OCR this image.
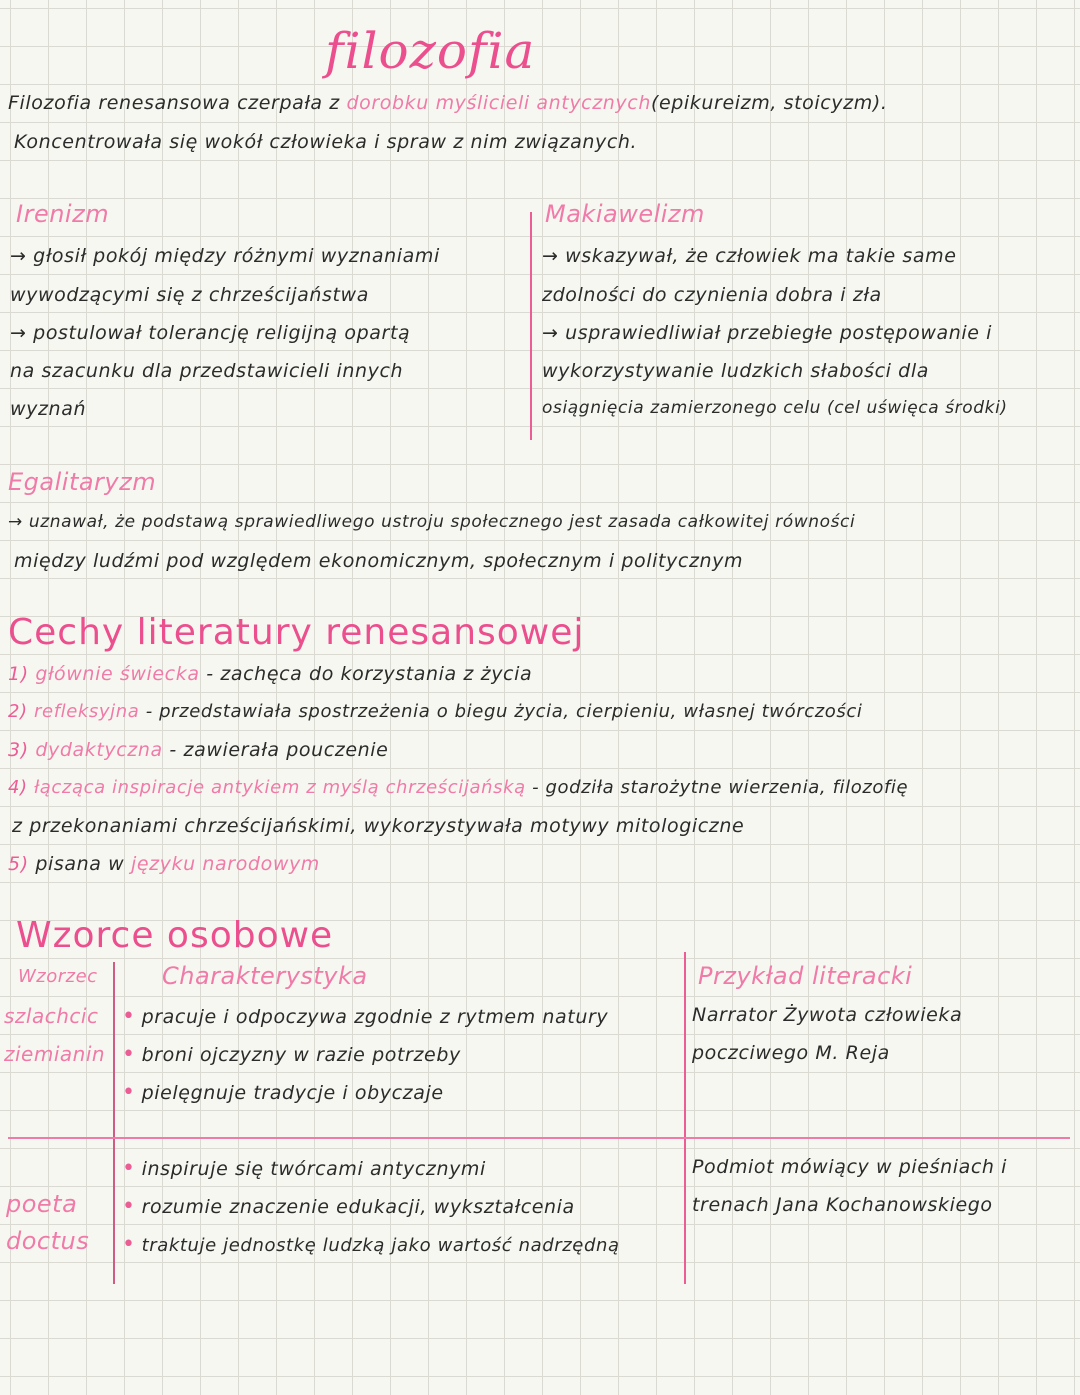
filozofia
Filozofia renesansowa czerpała z dorobku myślicieli antycznych(epikureizm, stoicyzm).
Koncentrowała się wokół człowieka i spraw z nim związanych.
Irenizm
→ głosił pokój między różnymi wyznaniami
wywodzącymi się z chrześcijaństwa
→ postulował tolerancję religijną opartą
na szacunku dla przedstawicieli innych
wyznań
Makiawelizm
→ wskazywał, że człowiek ma takie same
zdolności do czynienia dobra i zła
→ usprawiedliwiał przebiegłe postępowanie i
wykorzystywanie ludzkich słabości dla
osiągnięcia zamierzonego celu (cel uświęca środki)
Egalitaryzm
→ uznawał, że podstawą sprawiedliwego ustroju społecznego jest zasada całkowitej równości
między ludźmi pod względem ekonomicznym, społecznym i politycznym
Cechy literatury renesansowej
1) głównie świecka - zachęca do korzystania z życia
2) refleksyjna - przedstawiała spostrzeżenia o biegu życia, cierpieniu, własnej twórczości
3) dydaktyczna - zawierała pouczenie
4) łącząca inspiracje antykiem z myślą chrześcijańską - godziła starożytne wierzenia, filozofię
z przekonaniami chrześcijańskimi, wykorzystywała motywy mitologiczne
5) pisana w języku narodowym
Wzorce osobowe
Wzorzec	Charakterystyka	Przykład literacki
szlachcic
ziemianin
• pracuje i odpoczywa zgodnie z rytmem natury
• broni ojczyzny w razie potrzeby
• pielęgnuje tradycje i obyczaje
Narrator Żywota człowieka
poczciwego M. Reja
poeta
doctus
• inspiruje się twórcami antycznymi
• rozumie znaczenie edukacji, wykształcenia
• traktuje jednostkę ludzką jako wartość nadrzędną
Podmiot mówiący w pieśniach i
trenach Jana Kochanowskiego
